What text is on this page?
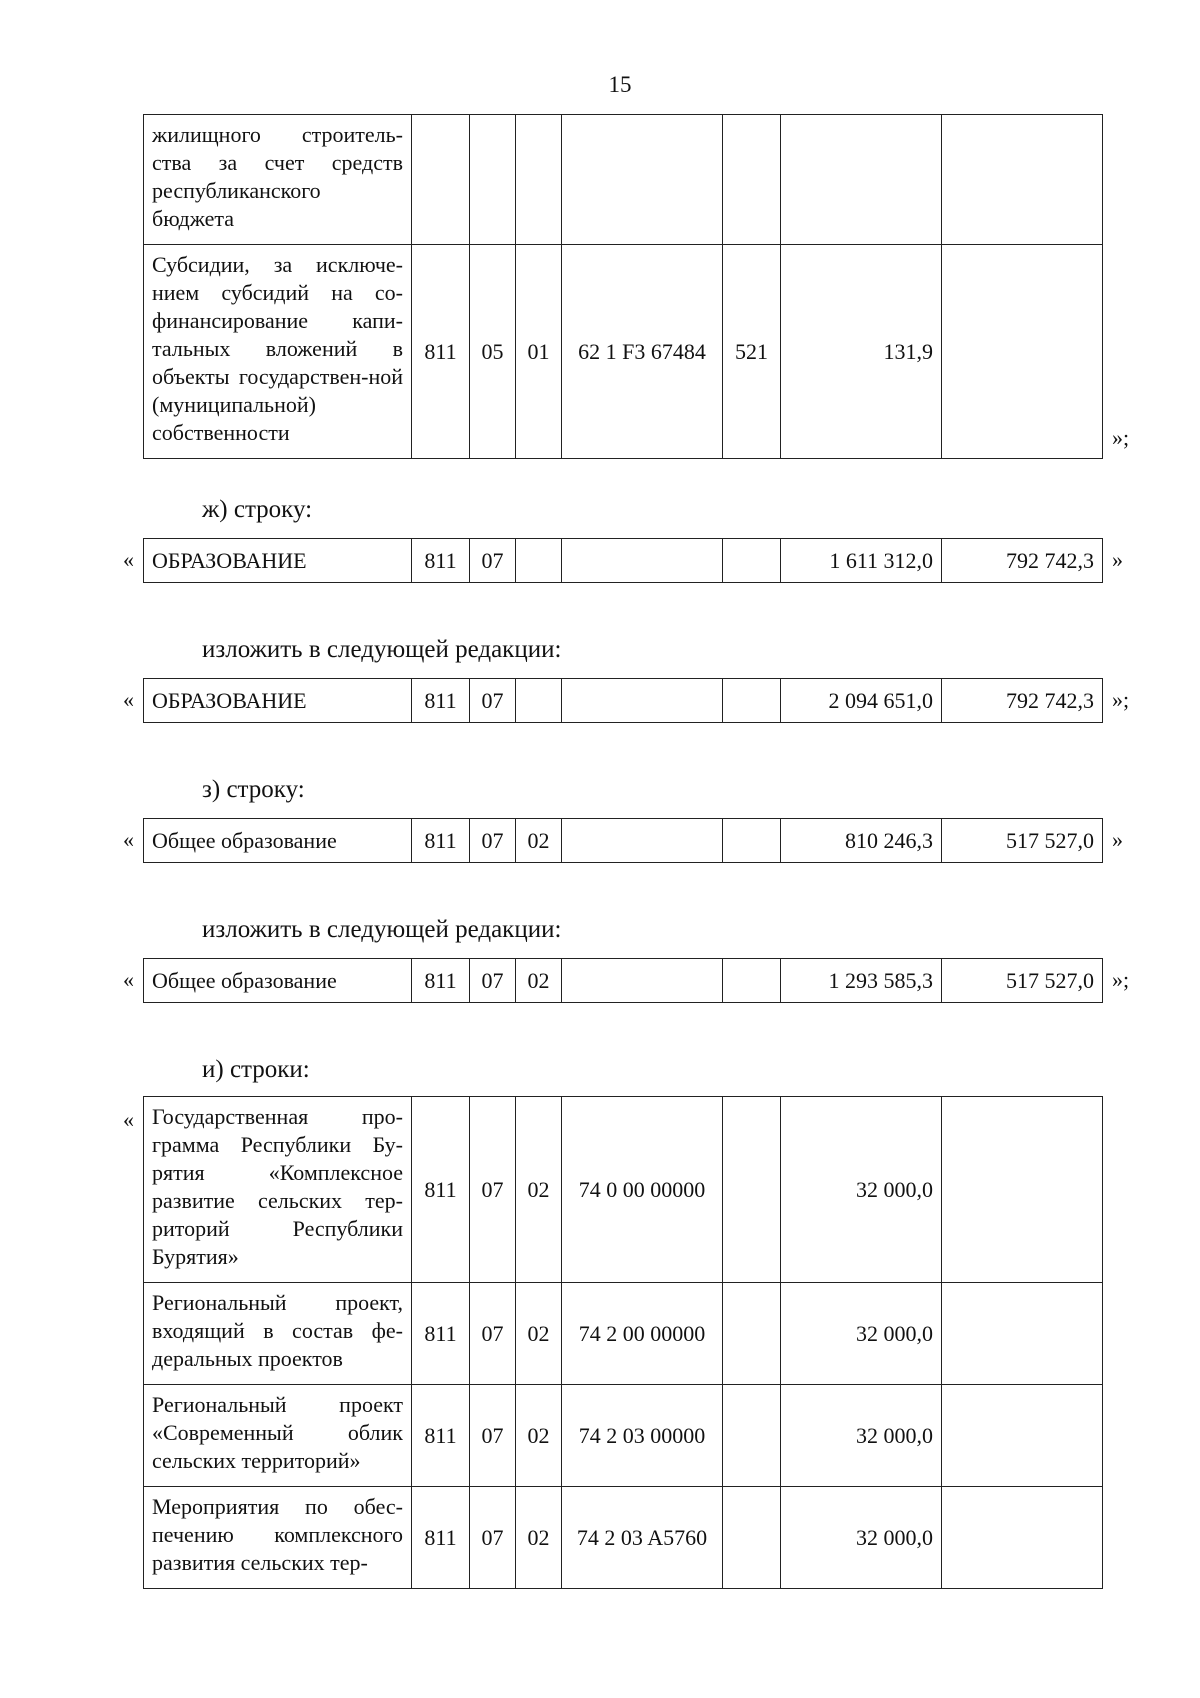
15
жилищного строитель-ства за счет средств республиканского бюджета							
Субсидии, за исключе-нием субсидий на со-финансирование капи-тальных вложений в объекты государствен-ной (муниципальной) собственности	811	05	01	62 1 F3 67484	521	131,9	
»;
ж) строку:
« ОБРАЗОВАНИЕ	811	07				1 611 312,0	792 742,3 »
изложить в следующей редакции:
« ОБРАЗОВАНИЕ	811	07				2 094 651,0	792 742,3 »;
з) строку:
« Общее образование	811	07	02			810 246,3	517 527,0 »
изложить в следующей редакции:
« Общее образование	811	07	02			1 293 585,3	517 527,0 »;
и) строки:
« Государственная про-грамма Республики Бу-рятия «Комплексное развитие сельских тер-риторий Республики Бурятия»	811	07	02	74 0 00 00000		32 000,0	
Региональный проект, входящий в состав фе-деральных проектов	811	07	02	74 2 00 00000		32 000,0	
Региональный проект «Современный облик сельских территорий»	811	07	02	74 2 03 00000		32 000,0	
Мероприятия по обес-печению комплексного развития сельских тер-	811	07	02	74 2 03 A5760		32 000,0	
